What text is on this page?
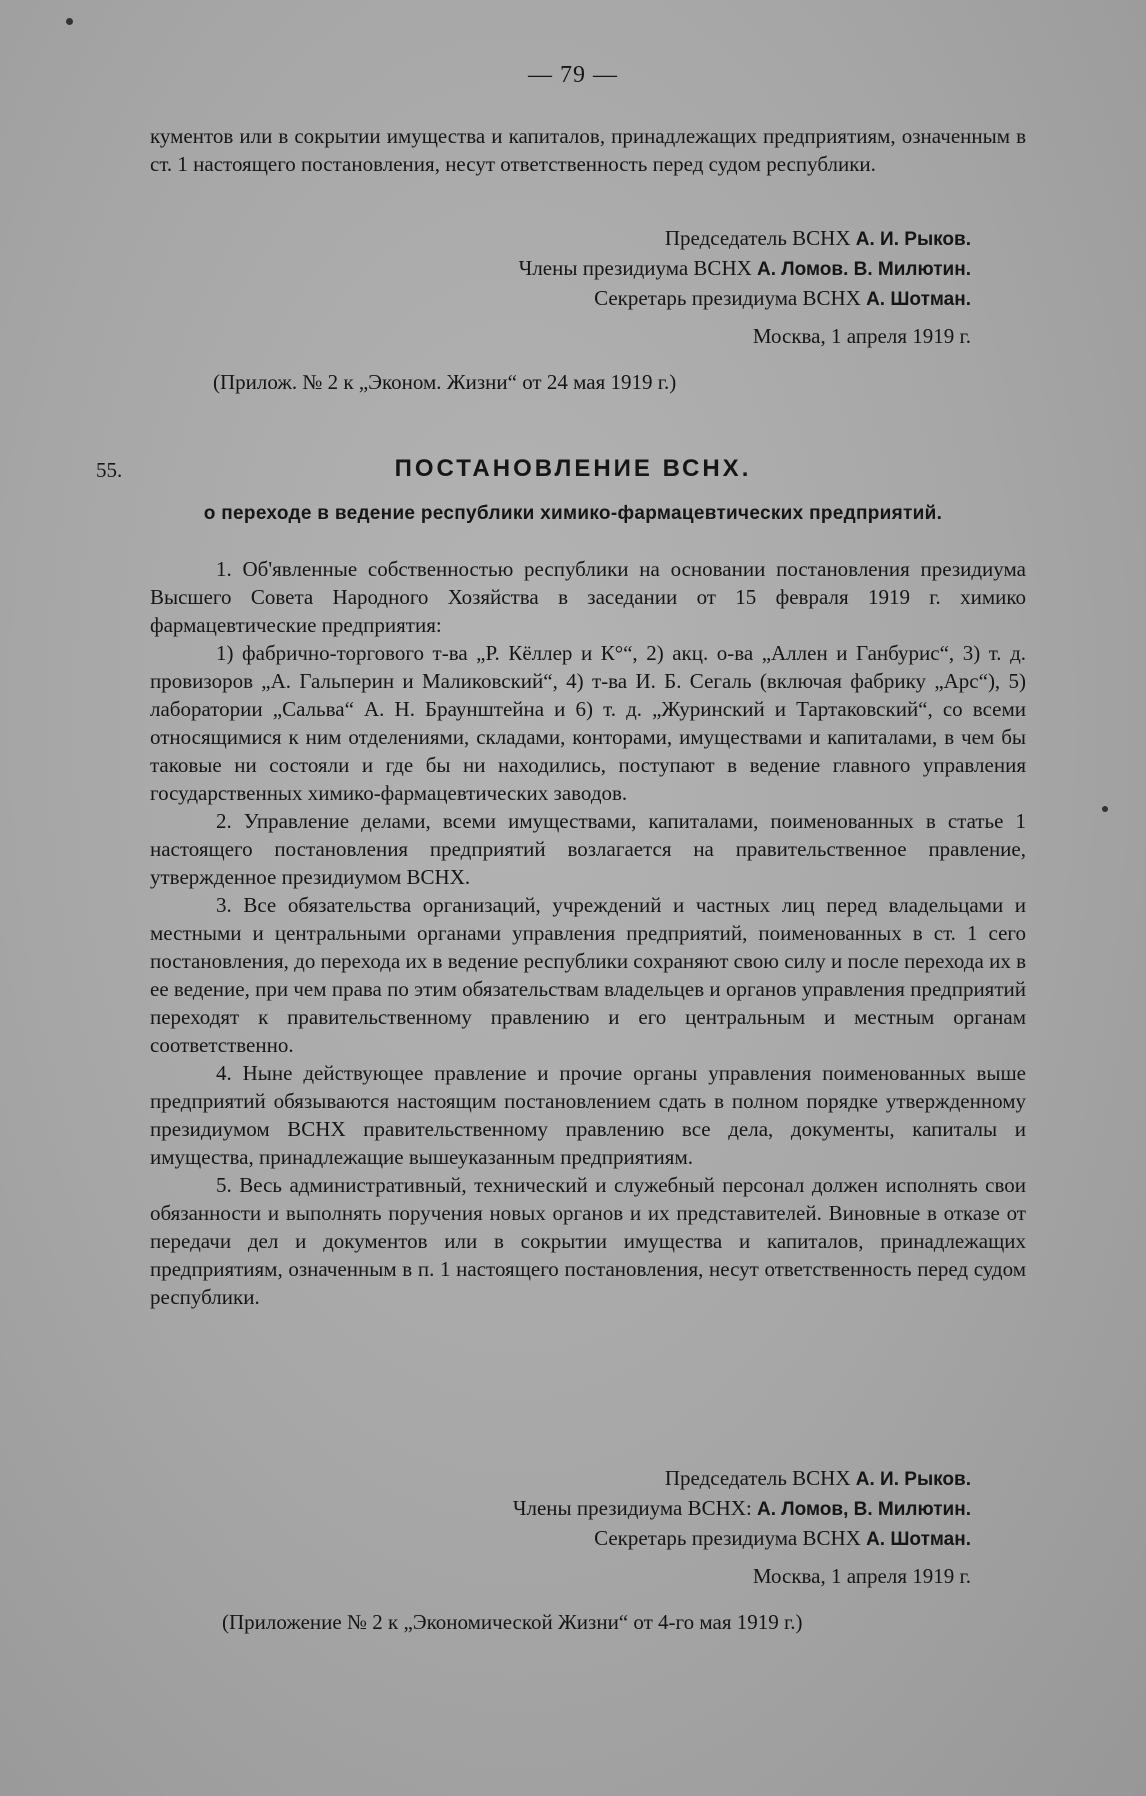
— 79 —

кументов или в сокрытии имущества и капиталов, принадлежащих предприятиям, означенным в ст. 1 настоящего постановления, несут ответственность перед судом республики.

Председатель ВСНХ А. И. Рыков.
Члены президиума ВСНХ А. Ломов. В. Милютин.
Секретарь президиума ВСНХ А. Шотман.
Москва, 1 апреля 1919 г.
(Прилож. № 2 к „Эконом. Жизни“ от 24 мая 1919 г.)
55.	ПОСТАНОВЛЕНИЕ ВСНХ.
о переходе в ведение республики химико-фармацевтических предприятий.

1. Об'явленные собственностью республики на основании постановления президиума Высшего Совета Народного Хозяйства в заседании от 15 февраля 1919 г. химико фармацевтические предприятия:

1) фабрично-торгового т-ва „Р. Кёллер и К°“, 2) акц. о-ва „Аллен и Ганбурис“, 3) т. д. провизоров „А. Гальперин и Маликовский“, 4) т-ва И. Б. Сегаль (включая фабрику „Арс“), 5) лаборатории „Сальва“ А. Н. Браунштейна и 6) т. д. „Журинский и Тартаковский“, со всеми относящимися к ним отделениями, складами, конторами, имуществами и капиталами, в чем бы таковые ни состояли и где бы ни находились, поступают в ведение главного управления государственных химико-фармацевтических заводов.

2. Управление делами, всеми имуществами, капиталами, поименованных в статье 1 настоящего постановления предприятий возлагается на правительственное правление, утвержденное президиумом ВСНХ.

3. Все обязательства организаций, учреждений и частных лиц перед владельцами и местными и центральными органами управления предприятий, поименованных в ст. 1 сего постановления, до перехода их в ведение республики сохраняют свою силу и после перехода их в ее ведение, при чем права по этим обязательствам владельцев и органов управления предприятий переходят к правительственному правлению и его центральным и местным органам соответственно.

4. Ныне действующее правление и прочие органы управления поименованных выше предприятий обязываются настоящим постановлением сдать в полном порядке утвержденному президиумом ВСНХ правительственному правлению все дела, документы, капиталы и имущества, принадлежащие вышеуказанным предприятиям.

5. Весь административный, технический и служебный персонал должен исполнять свои обязанности и выполнять поручения новых органов и их представителей. Виновные в отказе от передачи дел и документов или в сокрытии имущества и капиталов, принадлежащих предприятиям, означенным в п. 1 настоящего постановления, несут ответственность перед судом республики.

Председатель ВСНХ А. И. Рыков.
Члены президиума ВСНХ: А. Ломов, В. Милютин.
Секретарь президиума ВСНХ А. Шотман.
Москва, 1 апреля 1919 г.
(Приложение № 2 к „Экономической Жизни“ от 4-го мая 1919 г.)
